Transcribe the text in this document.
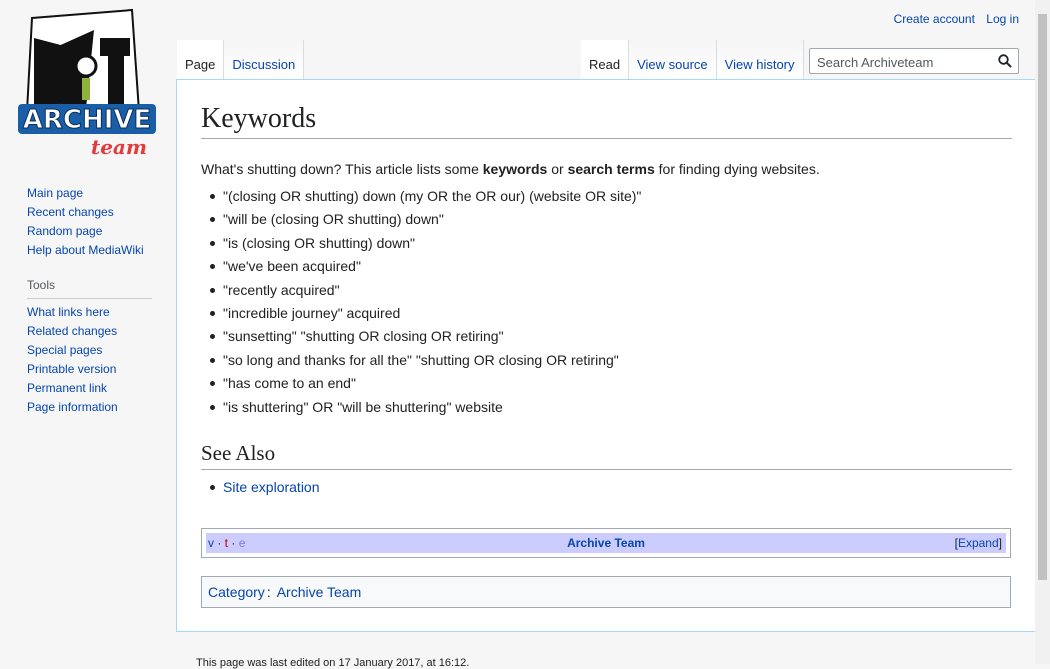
ARCHIVE
team
Create account Log in
Page Discussion	Read View source View history
Search Archiveteam
Main page
Recent changes
Random page
Help about MediaWiki
Tools
What links here
Related changes
Special pages
Printable version
Permanent link
Page information
Keywords

What's shutting down? This article lists some keywords or search terms for finding dying websites.

"(closing OR shutting) down (my OR the OR our) (website OR site)"
"will be (closing OR shutting) down"
"is (closing OR shutting) down"
"we've been acquired"
"recently acquired"
"incredible journey" acquired
"sunsetting" "shutting OR closing OR retiring"
"so long and thanks for all the" "shutting OR closing OR retiring"
"has come to an end"
"is shuttering" OR "will be shuttering" website
See Also
Site exploration
v · t · e	Archive Team	[Expand]
Category : Archive Team
This page was last edited on 17 January 2017, at 16:12.
